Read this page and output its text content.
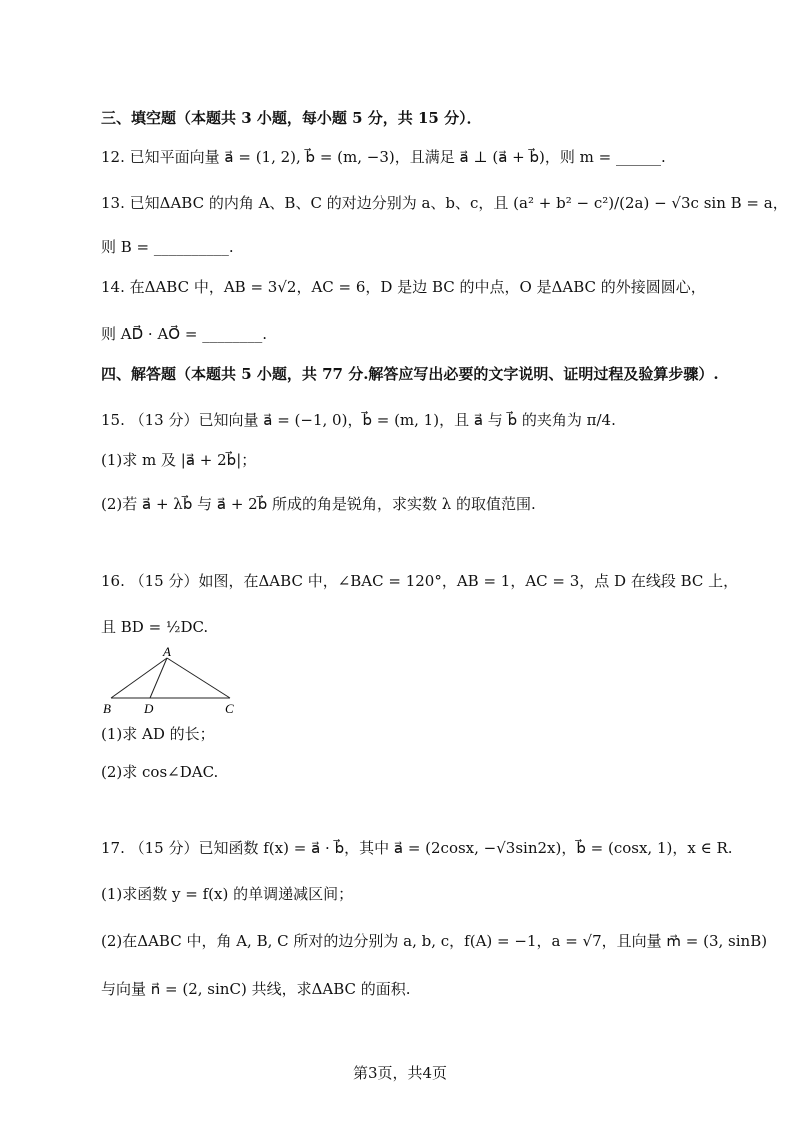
三、填空题（本题共 3 小题，每小题 5 分，共 15 分）．
12. 已知平面向量 a⃗ = (1, 2), b⃗ = (m, −3)，且满足 a⃗ ⊥ (a⃗ + b⃗)，则 m = ______.
13. 已知ΔABC 的内角 A、B、C 的对边分别为 a、b、c，且 (a² + b² − c²)/(2a) − √3c sin B = a，
则 B = __________.
14. 在ΔABC 中，AB = 3√2，AC = 6，D 是边 BC 的中点，O 是ΔABC 的外接圆圆心，
则 AD⃗ · AO⃗ = ________.
四、解答题（本题共 5 小题，共 77 分.解答应写出必要的文字说明、证明过程及验算步骤）.
15. （13 分）已知向量 a⃗ = (−1, 0)，b⃗ = (m, 1)，且 a⃗ 与 b⃗ 的夹角为 π/4.
(1)求 m 及 |a⃗ + 2b⃗|；
(2)若 a⃗ + λb⃗ 与 a⃗ + 2b⃗ 所成的角是锐角，求实数 λ 的取值范围.
16. （15 分）如图，在ΔABC 中，∠BAC = 120°，AB = 1，AC = 3，点 D 在线段 BC 上，
且 BD = ½DC.
A
B	D	C
(1)求 AD 的长；
(2)求 cos∠DAC.
17. （15 分）已知函数 f(x) = a⃗ · b⃗，其中 a⃗ = (2cosx, −√3sin2x)，b⃗ = (cosx, 1)，x ∈ R.
(1)求函数 y = f(x) 的单调递减区间；
(2)在ΔABC 中，角 A, B, C 所对的边分别为 a, b, c，f(A) = −1，a = √7，且向量 m⃗ = (3, sinB)
与向量 n⃗ = (2, sinC) 共线，求ΔABC 的面积.
第3页，共4页
